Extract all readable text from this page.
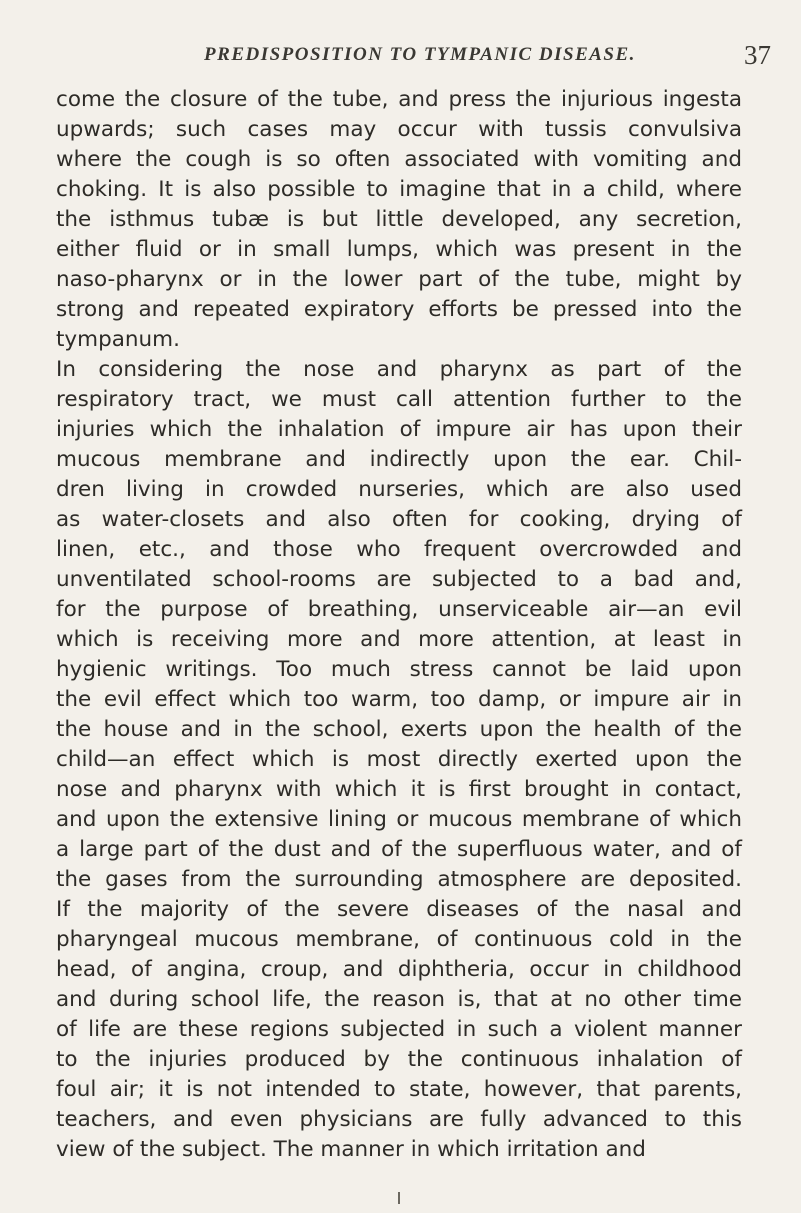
PREDISPOSITION TO TYMPANIC DISEASE.	37
come the closure of the tube, and press the injurious ingesta
upwards; such cases may occur with tussis convulsiva
where the cough is so often associated with vomiting and
choking. It is also possible to imagine that in a child, where
the isthmus tubæ is but little developed, any secretion,
either fluid or in small lumps, which was present in the
naso-pharynx or in the lower part of the tube, might by
strong and repeated expiratory efforts be pressed into the
tympanum.
In considering the nose and pharynx as part of the
respiratory tract, we must call attention further to the
injuries which the inhalation of impure air has upon their
mucous membrane and indirectly upon the ear. Chil-
dren living in crowded nurseries, which are also used
as water-closets and also often for cooking, drying of
linen, etc., and those who frequent overcrowded and
unventilated school-rooms are subjected to a bad and,
for the purpose of breathing, unserviceable air—an evil
which is receiving more and more attention, at least in
hygienic writings. Too much stress cannot be laid upon
the evil effect which too warm, too damp, or impure air in
the house and in the school, exerts upon the health of the
child—an effect which is most directly exerted upon the
nose and pharynx with which it is first brought in contact,
and upon the extensive lining or mucous membrane of which
a large part of the dust and of the superfluous water, and of
the gases from the surrounding atmosphere are deposited.
If the majority of the severe diseases of the nasal and
pharyngeal mucous membrane, of continuous cold in the
head, of angina, croup, and diphtheria, occur in childhood
and during school life, the reason is, that at no other time
of life are these regions subjected in such a violent manner
to the injuries produced by the continuous inhalation of
foul air; it is not intended to state, however, that parents,
teachers, and even physicians are fully advanced to this
view of the subject. The manner in which irritation and
